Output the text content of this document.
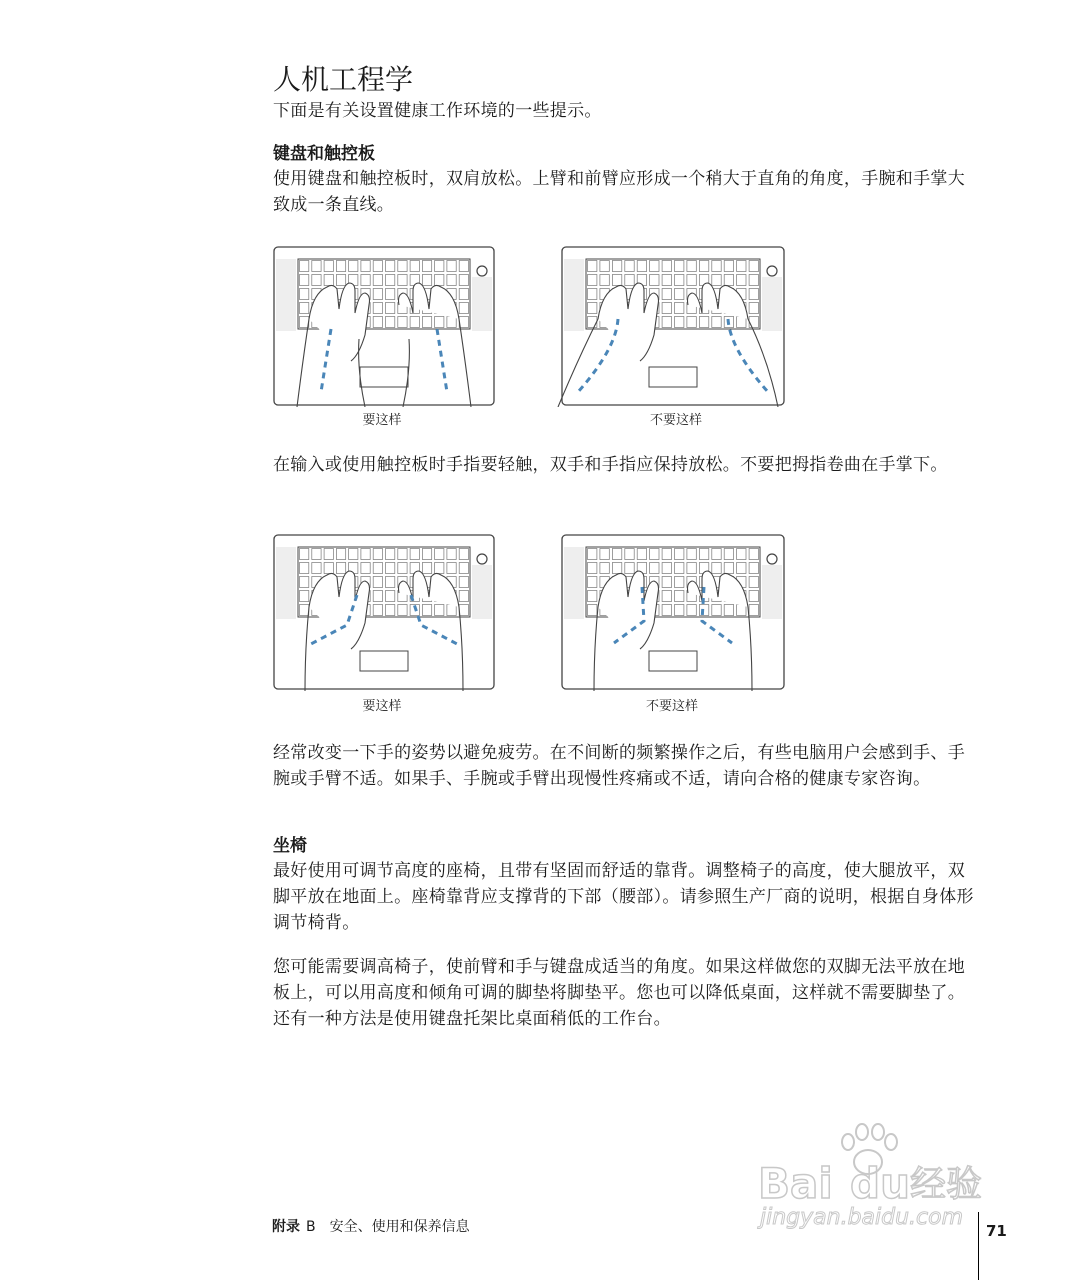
人机工程学

下面是有关设置健康工作环境的一些提示。

键盘和触控板

使用键盘和触控板时，双肩放松。上臂和前臂应形成一个稍大于直角的角度，手腕和手掌大致成一条直线。

要这样	不要这样

在输入或使用触控板时手指要轻触，双手和手指应保持放松。不要把拇指卷曲在手掌下。

要这样	不要这样

经常改变一下手的姿势以避免疲劳。在不间断的频繁操作之后，有些电脑用户会感到手、手腕或手臂不适。如果手、手腕或手臂出现慢性疼痛或不适，请向合格的健康专家咨询。

坐椅

最好使用可调节高度的座椅，且带有坚固而舒适的靠背。调整椅子的高度，使大腿放平，双脚平放在地面上。座椅靠背应支撑背的下部（腰部）。请参照生产厂商的说明，根据自身体形调节椅背。

您可能需要调高椅子，使前臂和手与键盘成适当的角度。如果这样做您的双脚无法平放在地板上，可以用高度和倾角可调的脚垫将脚垫平。您也可以降低桌面，这样就不需要脚垫了。还有一种方法是使用键盘托架比桌面稍低的工作台。

Bai du 经验
jingyan.baidu.com
附录 B 安全、使用和保养信息	71
